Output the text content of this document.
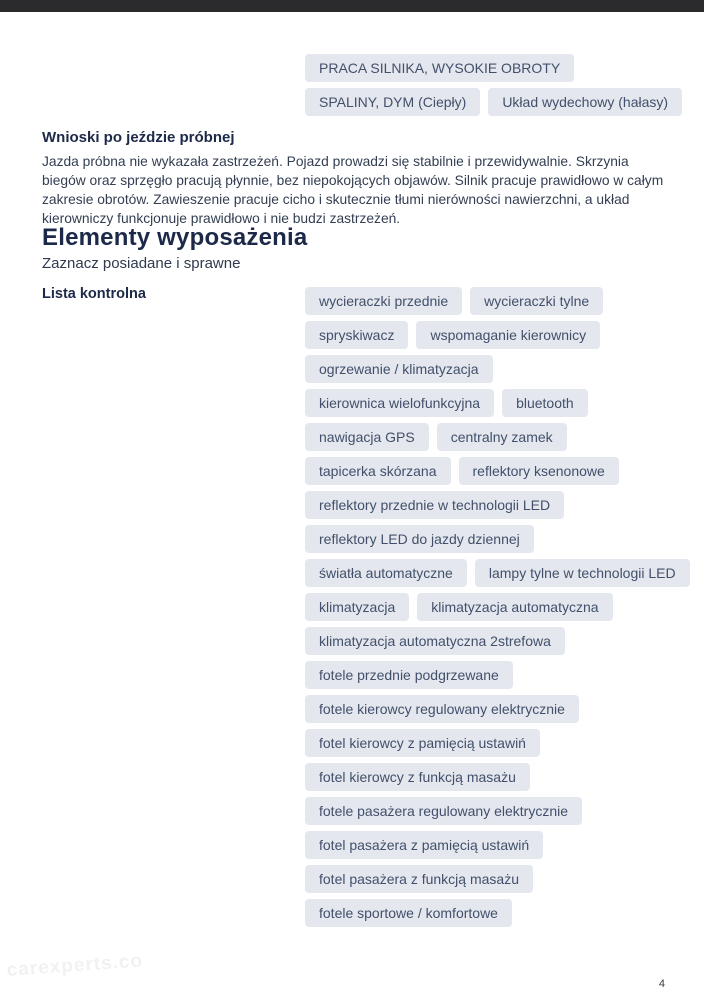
PRACA SILNIKA, WYSOKIE OBROTY
SPALINY, DYM (Ciepły)	Układ wydechowy (hałasy)
Wnioski po jeździe próbnej

Jazda próbna nie wykazała zastrzeżeń. Pojazd prowadzi się stabilnie i przewidywalnie. Skrzynia biegów oraz sprzęgło pracują płynnie, bez niepokojących objawów. Silnik pracuje prawidłowo w całym zakresie obrotów. Zawieszenie pracuje cicho i skutecznie tłumi nierówności nawierzchni, a układ kierowniczy funkcjonuje prawidłowo i nie budzi zastrzeżeń.

Elementy wyposażenia
Zaznacz posiadane i sprawne
Lista kontrolna	wycieraczki przednie	wycieraczki tylne
spryskiwacz	wspomaganie kierownicy
ogrzewanie / klimatyzacja
kierownica wielofunkcyjna	bluetooth
nawigacja GPS	centralny zamek
tapicerka skórzana	reflektory ksenonowe
reflektory przednie w technologii LED
reflektory LED do jazdy dziennej
światła automatyczne	lampy tylne w technologii LED
klimatyzacja	klimatyzacja automatyczna
klimatyzacja automatyczna 2strefowa
fotele przednie podgrzewane
fotele kierowcy regulowany elektrycznie
fotel kierowcy z pamięcią ustawiń
fotel kierowcy z funkcją masażu
fotele pasażera regulowany elektrycznie
fotel pasażera z pamięcią ustawiń
fotel pasażera z funkcją masażu
fotele sportowe / komfortowe
carexperts.co
4
